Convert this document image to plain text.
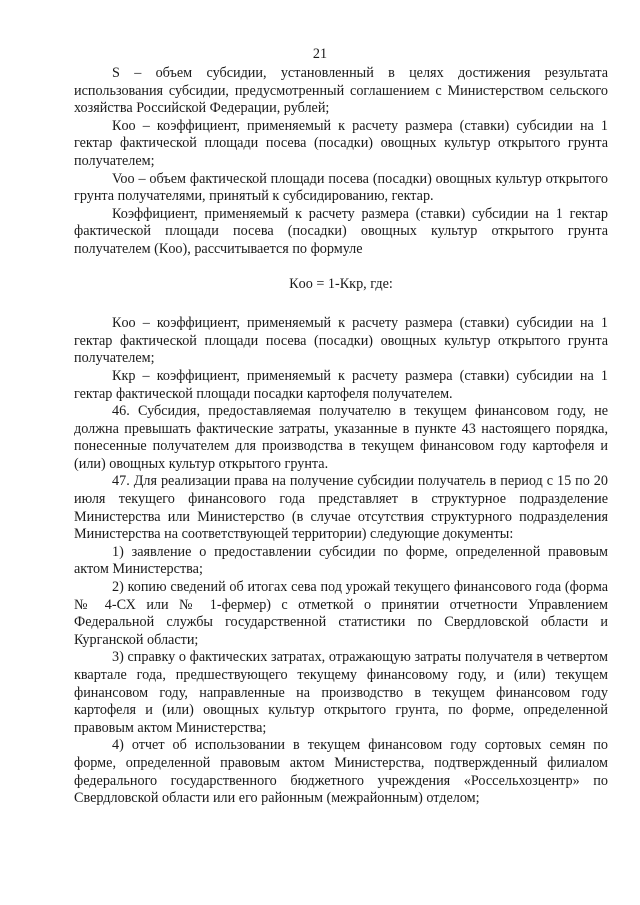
21

S – объем субсидии, установленный в целях достижения результата использования субсидии, предусмотренный соглашением с Министерством сельского хозяйства Российской Федерации, рублей;

Кoo – коэффициент, применяемый к расчету размера (ставки) субсидии на 1 гектар фактической площади посева (посадки) овощных культур открытого грунта получателем;

Voo – объем фактической площади посева (посадки) овощных культур открытого грунта получателями, принятый к субсидированию, гектар.

Коэффициент, применяемый к расчету размера (ставки) субсидии на 1 гектар фактической площади посева (посадки) овощных культур открытого грунта получателем (Кoo), рассчитывается по формуле

Кoo = 1-Ккр, где:

Кoo – коэффициент, применяемый к расчету размера (ставки) субсидии на 1 гектар фактической площади посева (посадки) овощных культур открытого грунта получателем;

Ккр – коэффициент, применяемый к расчету размера (ставки) субсидии на 1 гектар фактической площади посадки картофеля получателем.

46. Субсидия, предоставляемая получателю в текущем финансовом году, не должна превышать фактические затраты, указанные в пункте 43 настоящего порядка, понесенные получателем для производства в текущем финансовом году картофеля и (или) овощных культур открытого грунта.

47. Для реализации права на получение субсидии получатель в период с 15 по 20 июля текущего финансового года представляет в структурное подразделение Министерства или Министерство (в случае отсутствия структурного подразделения Министерства на соответствующей территории) следующие документы:

1) заявление о предоставлении субсидии по форме, определенной правовым актом Министерства;

2) копию сведений об итогах сева под урожай текущего финансового года (форма № 4-СХ или № 1-фермер) с отметкой о принятии отчетности Управлением Федеральной службы государственной статистики по Свердловской области и Курганской области;

3) справку о фактических затратах, отражающую затраты получателя в четвертом квартале года, предшествующего текущему финансовому году, и (или) текущем финансовом году, направленные на производство в текущем финансовом году картофеля и (или) овощных культур открытого грунта, по форме, определенной правовым актом Министерства;

4) отчет об использовании в текущем финансовом году сортовых семян по форме, определенной правовым актом Министерства, подтвержденный филиалом федерального государственного бюджетного учреждения «Россельхозцентр» по Свердловской области или его районным (межрайонным) отделом;
